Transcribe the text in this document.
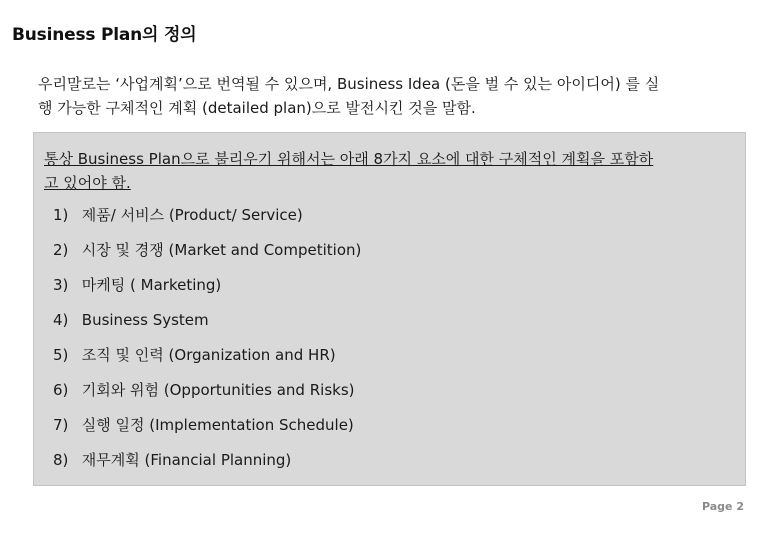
Business Plan의 정의

우리말로는 ‘사업계획’으로 번역될 수 있으며, Business Idea (돈을 벌 수 있는 아이디어) 를 실

행 가능한 구체적인 계획 (detailed plan)으로 발전시킨 것을 말함.

통상 Business Plan으로 불리우기 위해서는 아래 8가지 요소에 대한 구체적인 계획을 포함하

고 있어야 함.

1) 제품/ 서비스 (Product/ Service)
2) 시장 및 경쟁 (Market and Competition)
3) 마케팅 ( Marketing)
4) Business System
5) 조직 및 인력 (Organization and HR)
6) 기회와 위험 (Opportunities and Risks)
7) 실행 일정 (Implementation Schedule)
8) 재무계획 (Financial Planning)
Page 2
